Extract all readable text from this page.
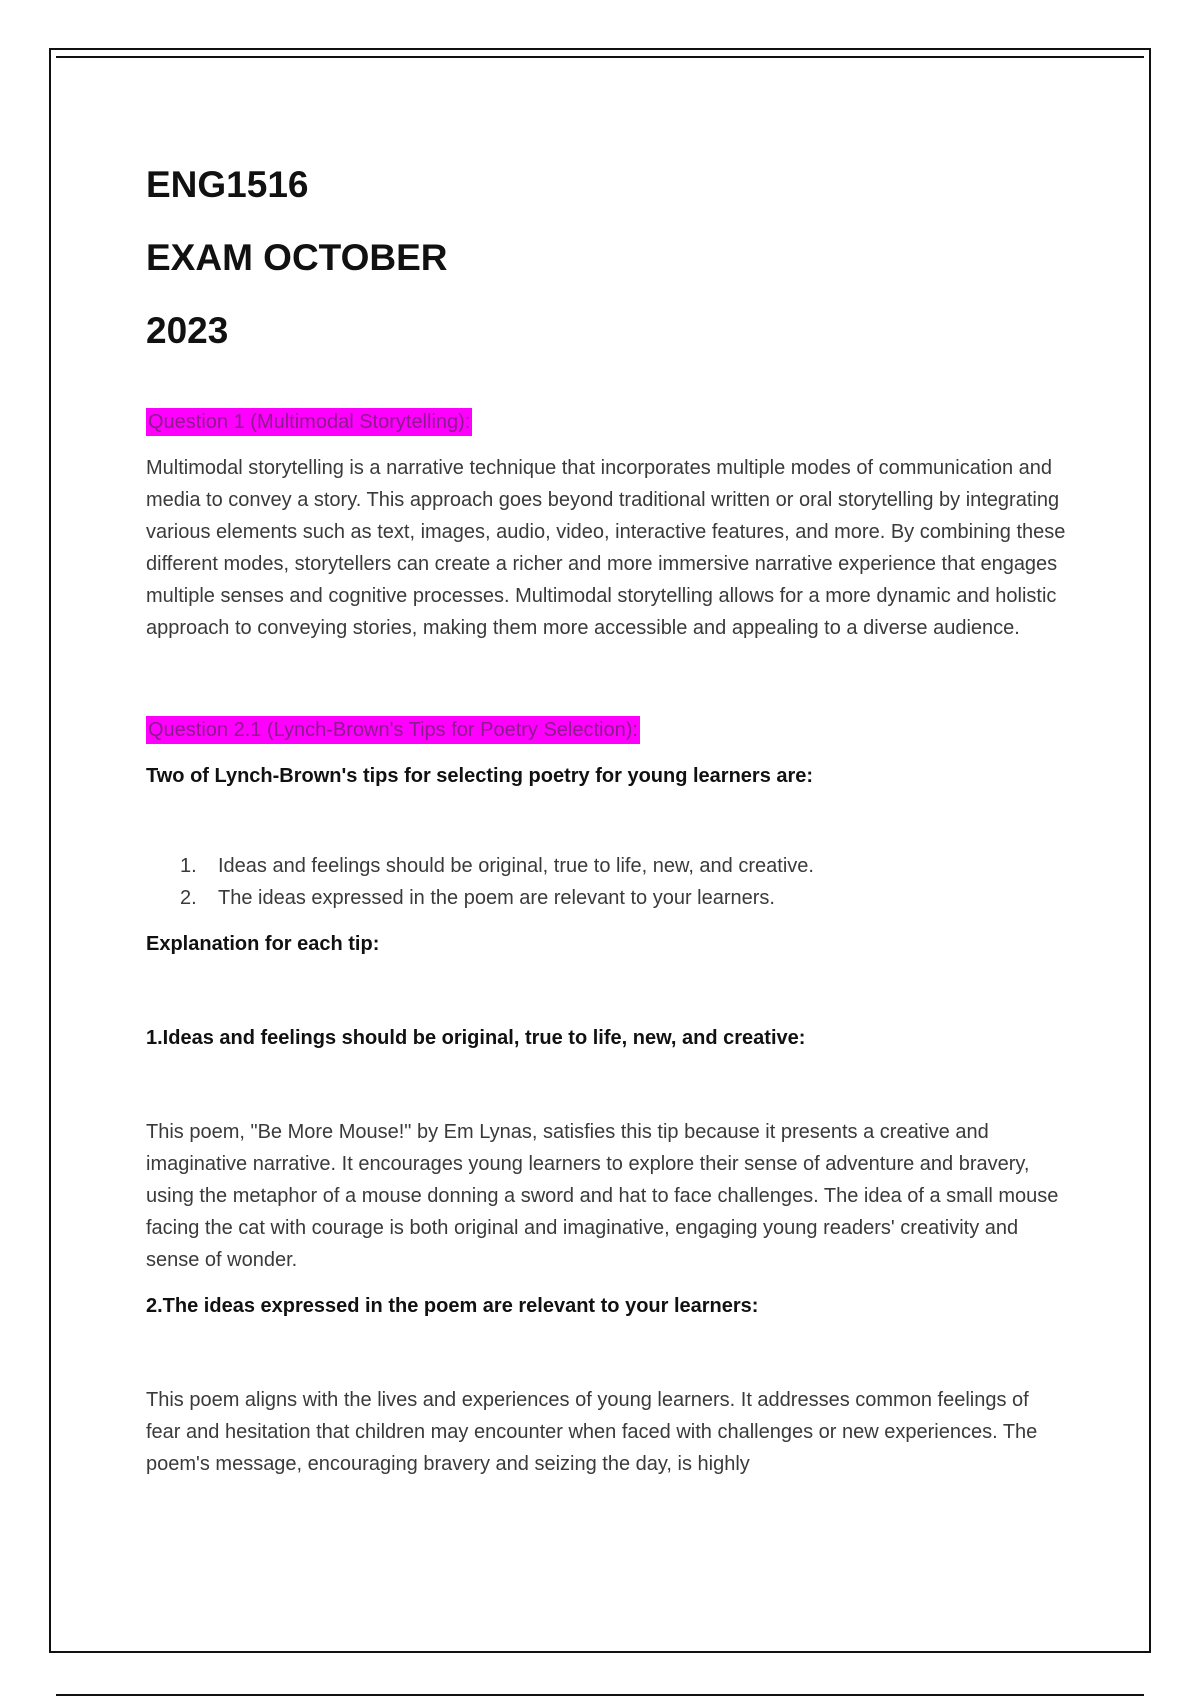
ENG1516

EXAM OCTOBER

2023

Question 1 (Multimodal Storytelling):

Multimodal storytelling is a narrative technique that incorporates multiple modes of communication and media to convey a story. This approach goes beyond traditional written or oral storytelling by integrating various elements such as text, images, audio, video, interactive features, and more. By combining these different modes, storytellers can create a richer and more immersive narrative experience that engages multiple senses and cognitive processes. Multimodal storytelling allows for a more dynamic and holistic approach to conveying stories, making them more accessible and appealing to a diverse audience.

Question 2.1 (Lynch-Brown's Tips for Poetry Selection):

Two of Lynch-Brown's tips for selecting poetry for young learners are:

1.	Ideas and feelings should be original, true to life, new, and creative.
2.	The ideas expressed in the poem are relevant to your learners.

Explanation for each tip:

1.Ideas and feelings should be original, true to life, new, and creative:

This poem, "Be More Mouse!" by Em Lynas, satisfies this tip because it presents a creative and imaginative narrative. It encourages young learners to explore their sense of adventure and bravery, using the metaphor of a mouse donning a sword and hat to face challenges. The idea of a small mouse facing the cat with courage is both original and imaginative, engaging young readers' creativity and sense of wonder.

2.The ideas expressed in the poem are relevant to your learners:

This poem aligns with the lives and experiences of young learners. It addresses common feelings of fear and hesitation that children may encounter when faced with challenges or new experiences. The poem's message, encouraging bravery and seizing the day, is highly
